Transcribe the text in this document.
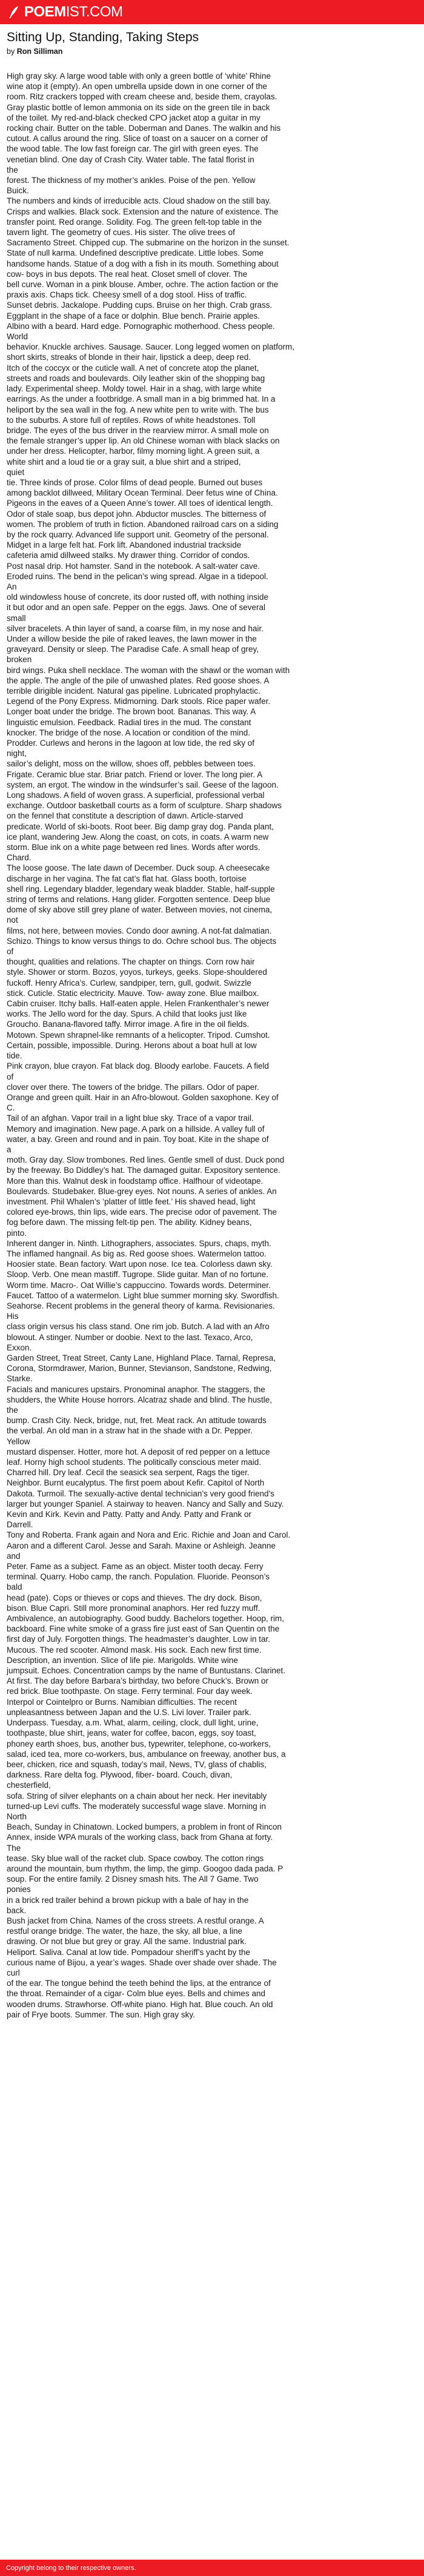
POEM IST.COM
Sitting Up, Standing, Taking Steps
by Ron Silliman
High gray sky. A large wood table with only a green bottle of ‘white’ Rhine
wine atop it (empty). An open umbrella upside down in one corner of the
room. Ritz crackers topped with cream cheese and, beside them, crayolas.
Gray plastic bottle of lemon ammonia on its side on the green tile in back
of the toilet. My red-and-black checked CPO jacket atop a guitar in my
rocking chair. Butter on the table. Doberman and Danes. The walkin and his
cutout. A callus around the ring. Slice of toast on a saucer on a corner of
the wood table. The low fast foreign car. The girl with green eyes. The
venetian blind. One day of Crash City. Water table. The fatal florist in
the
forest. The thickness of my mother’s ankles. Poise of the pen. Yellow
Buick.
The numbers and kinds of irreducible acts. Cloud shadow on the still bay.
Crisps and walkies. Black sock. Extension and the nature of existence. The
transfer point. Red orange. Solidity. Fog. The green felt-top table in the
tavern light. The geometry of cues. His sister. The olive trees of
Sacramento Street. Chipped cup. The submarine on the horizon in the sunset.
State of null karma. Undefined descriptive predicate. Little lobes. Some
handsome hands. Statue of a dog with a fish in its mouth. Something about
cow- boys in bus depots. The real heat. Closet smell of clover. The
bell curve. Woman in a pink blouse. Amber, ochre. The action faction or the
praxis axis. Chaps tick. Cheesy smell of a dog stool. Hiss of traffic.
Sunset debris. Jackalope. Pudding cups. Bruise on her thigh. Crab grass.
Eggplant in the shape of a face or dolphin. Blue bench. Prairie apples.
Albino with a beard. Hard edge. Pornographic motherhood. Chess people.
World
behavior. Knuckle archives. Sausage. Saucer. Long legged women on platform,
short skirts, streaks of blonde in their hair, lipstick a deep, deep red.
Itch of the coccyx or the cuticle wall. A net of concrete atop the planet,
streets and roads and boulevards. Oily leather skin of the shopping bag
lady. Experimental sheep. Moldy towel. Hair in a shag, with large white
earrings. As the under a footbridge. A small man in a big brimmed hat. In a
heliport by the sea wall in the fog. A new white pen to write with. The bus
to the suburbs. A store full of reptiles. Rows of white headstones. Toll
bridge. The eyes of the bus driver in the rearview mirror. A small mole on
the female stranger’s upper lip. An old Chinese woman with black slacks on
under her dress. Helicopter, harbor, filmy morning light. A green suit, a
white shirt and a loud tie or a gray suit, a blue shirt and a striped,
quiet
tie. Three kinds of prose. Color films of dead people. Burned out buses
among backlot dillweed, Military Ocean Terminal. Deer fetus wine of China.
Pigeons in the eaves of a Queen Anne’s tower. All toes of identical length.
Odor of stale soap, bus depot john. Abductor muscles. The bitterness of
women. The problem of truth in fiction. Abandoned railroad cars on a siding
by the rock quarry. Advanced life support unit. Geometry of the personal.
Midget in a large felt hat. Fork lift. Abandoned industrial trackside
cafeteria amid dillweed stalks. My drawer thing. Corridor of condos.
Post nasal drip. Hot hamster. Sand in the notebook. A salt-water cave.
Eroded ruins. The bend in the pelican’s wing spread. Algae in a tidepool.
An
old windowless house of concrete, its door rusted off, with nothing inside
it but odor and an open safe. Pepper on the eggs. Jaws. One of several
small
silver bracelets. A thin layer of sand, a coarse film, in my nose and hair.
Under a willow beside the pile of raked leaves, the lawn mower in the
graveyard. Density or sleep. The Paradise Cafe. A small heap of grey,
broken
bird wings. Puka shell necklace. The woman with the shawl or the woman with
the apple. The angle of the pile of unwashed plates. Red goose shoes. A
terrible dirigible incident. Natural gas pipeline. Lubricated prophylactic.
Legend of the Pony Express. Midmorning. Dark stools. Rice paper wafer.
Longer boat under the bridge. The brown boot. Bananas. This way. A
linguistic emulsion. Feedback. Radial tires in the mud. The constant
knocker. The bridge of the nose. A location or condition of the mind.
Prodder. Curlews and herons in the lagoon at low tide, the red sky of
night,
sailor’s delight, moss on the willow, shoes off, pebbles between toes.
Frigate. Ceramic blue star. Briar patch. Friend or lover. The long pier. A
system, an ergot. The window in the windsurfer’s sail. Geese of the lagoon.
Long shadows. A field of woven grass. A superficial, professional verbal
exchange. Outdoor basketball courts as a form of sculpture. Sharp shadows
on the fennel that constitute a description of dawn. Article-starved
predicate. World of ski-boots. Root beer. Big damp gray dog. Panda plant,
ice plant, wandering Jew. Along the coast, on cots, in coats. A warm new
storm. Blue ink on a white page between red lines. Words after words.
Chard.
The loose goose. The late dawn of December. Duck soup. A cheesecake
discharge in her vagina. The fat cat’s flat hat. Glass booth, tortoise
shell ring. Legendary bladder, legendary weak bladder. Stable, half-supple
string of terms and relations. Hang glider. Forgotten sentence. Deep blue
dome of sky above still grey plane of water. Between movies, not cinema,
not
films, not here, between movies. Condo door awning. A not-fat dalmatian.
Schizo. Things to know versus things to do. Ochre school bus. The objects
of
thought, qualities and relations. The chapter on things. Corn row hair
style. Shower or storm. Bozos, yoyos, turkeys, geeks. Slope-shouldered
fuckoff. Henry Africa’s. Curlew, sandpiper, tern, gull, godwit. Swizzle
stick. Cuticle. Static electricity. Mauve. Tow- away zone. Blue mailbox.
Cabin cruiser. Itchy balls. Half-eaten apple. Helen Frankenthaler’s newer
works. The Jello word for the day. Spurs. A child that looks just like
Groucho. Banana-flavored taffy. Mirror image. A fire in the oil fields.
Motown. Spewn shrapnel-like remnants of a helicopter. Tripod. Cumshot.
Certain, possible, impossible. During. Herons about a boat hull at low
tide.
Pink crayon, blue crayon. Fat black dog. Bloody earlobe. Faucets. A field
of
clover over there. The towers of the bridge. The pillars. Odor of paper.
Orange and green quilt. Hair in an Afro-blowout. Golden saxophone. Key of
C.
Tail of an afghan. Vapor trail in a light blue sky. Trace of a vapor trail.
Memory and imagination. New page. A park on a hillside. A valley full of
water, a bay. Green and round and in pain. Toy boat. Kite in the shape of
a
moth. Gray day. Slow trombones. Red lines. Gentle smell of dust. Duck pond
by the freeway. Bo Diddley’s hat. The damaged guitar. Expository sentence.
More than this. Walnut desk in foodstamp office. Halfhour of videotape.
Boulevards. Studebaker. Blue-grey eyes. Not nouns. A series of ankles. An
investment. Phil Whalen’s ‘platter of little feet.’ His shaved head, light
colored eye-brows, thin lips, wide ears. The precise odor of pavement. The
fog before dawn. The missing felt-tip pen. The ability. Kidney beans,
pinto.
Inherent danger in. Ninth. Lithographers, associates. Spurs, chaps, myth.
The inflamed hangnail. As big as. Red goose shoes. Watermelon tattoo.
Hoosier state. Bean factory. Wart upon nose. Ice tea. Colorless dawn sky.
Sloop. Verb. One mean mastiff. Tugrope. Slide guitar. Man of no fortune.
Worm time. Macro-. Oat Willie’s cappuccino. Towards words. Determiner.
Faucet. Tattoo of a watermelon. Light blue summer morning sky. Swordfish.
Seahorse. Recent problems in the general theory of karma. Revisionaries.
His
class origin versus his class stand. One rim job. Butch. A lad with an Afro
blowout. A stinger. Number or doobie. Next to the last. Texaco, Arco,
Exxon.
Garden Street, Treat Street, Canty Lane, Highland Place. Tarnal, Represa,
Corona, Stormdrawer, Marion, Bunner, Stevianson, Sandstone, Redwing,
Starke.
Facials and manicures upstairs. Pronominal anaphor. The staggers, the
shudders, the White House horrors. Alcatraz shade and blind. The hustle,
the
bump. Crash City. Neck, bridge, nut, fret. Meat rack. An attitude towards
the verbal. An old man in a straw hat in the shade with a Dr. Pepper.
Yellow
mustard dispenser. Hotter, more hot. A deposit of red pepper on a lettuce
leaf. Horny high school students. The politically conscious meter maid.
Charred hill. Dry leaf. Cecil the seasick sea serpent, Rags the tiger.
Neighbor. Burnt eucalyptus. The first poem about Kefir. Capitol of North
Dakota. Turmoil. The sexually-active dental technician’s very good friend’s
larger but younger Spaniel. A stairway to heaven. Nancy and Sally and Suzy.
Kevin and Kirk. Kevin and Patty. Patty and Andy. Patty and Frank or
Darrell.
Tony and Roberta. Frank again and Nora and Eric. Richie and Joan and Carol.
Aaron and a different Carol. Jesse and Sarah. Maxine or Ashleigh. Jeanne
and
Peter. Fame as a subject. Fame as an object. Mister tooth decay. Ferry
terminal. Quarry. Hobo camp, the ranch. Population. Fluoride. Peonson’s
bald
head (pate). Cops or thieves or cops and thieves. The dry dock. Bison,
bison. Blue Capri. Still more pronominal anaphors. Her red fuzzy muff.
Ambivalence, an autobiography. Good buddy. Bachelors together. Hoop, rim,
backboard. Fine white smoke of a grass fire just east of San Quentin on the
first day of July. Forgotten things. The headmaster’s daughter. Low in tar.
Mucous. The red scooter. Almond mask. His sock. Each new first time.
Description, an invention. Slice of life pie. Marigolds. White wine
jumpsuit. Echoes. Concentration camps by the name of Buntustans. Clarinet.
At first. The day before Barbara’s birthday, two before Chuck’s. Brown or
red brick. Blue toothpaste. On stage. Ferry terminal. Four day week.
Interpol or Cointelpro or Burns. Namibian difficulties. The recent
unpleasantness between Japan and the U.S. Livi lover. Trailer park.
Underpass. Tuesday, a.m. What, alarm, ceiling, clock, dull light, urine,
toothpaste, blue shirt, jeans, water for coffee, bacon, eggs, soy toast,
phoney earth shoes, bus, another bus, typewriter, telephone, co-workers,
salad, iced tea, more co-workers, bus, ambulance on freeway, another bus, a
beer, chicken, rice and squash, today’s mail, News, TV, glass of chablis,
darkness. Rare delta fog. Plywood, fiber- board. Couch, divan,
chesterfield,
sofa. String of silver elephants on a chain about her neck. Her inevitably
turned-up Levi cuffs. The moderately successful wage slave. Morning in
North
Beach, Sunday in Chinatown. Locked bumpers, a problem in front of Rincon
Annex, inside WPA murals of the working class, back from Ghana at forty.
The
tease. Sky blue wall of the racket club. Space cowboy. The cotton rings
around the mountain, bum rhythm, the limp, the gimp. Googoo dada pada. P
soup. For the entire family. 2 Disney smash hits. The All 7 Game. Two
ponies
in a brick red trailer behind a brown pickup with a bale of hay in the
back.
Bush jacket from China. Names of the cross streets. A restful orange. A
restful orange bridge. The water, the haze, the sky, all blue, a line
drawing. Or not blue but grey or gray. All the same. Industrial park.
Heliport. Saliva. Canal at low tide. Pompadour sheriff’s yacht by the
curious name of Bijou, a year’s wages. Shade over shade over shade. The
curl
of the ear. The tongue behind the teeth behind the lips, at the entrance of
the throat. Remainder of a cigar- Colm blue eyes. Bells and chimes and
wooden drums. Strawhorse. Off-white piano. High hat. Blue couch. An old
pair of Frye boots. Summer. The sun. High gray sky.
Copyright belong to their respective owners.
